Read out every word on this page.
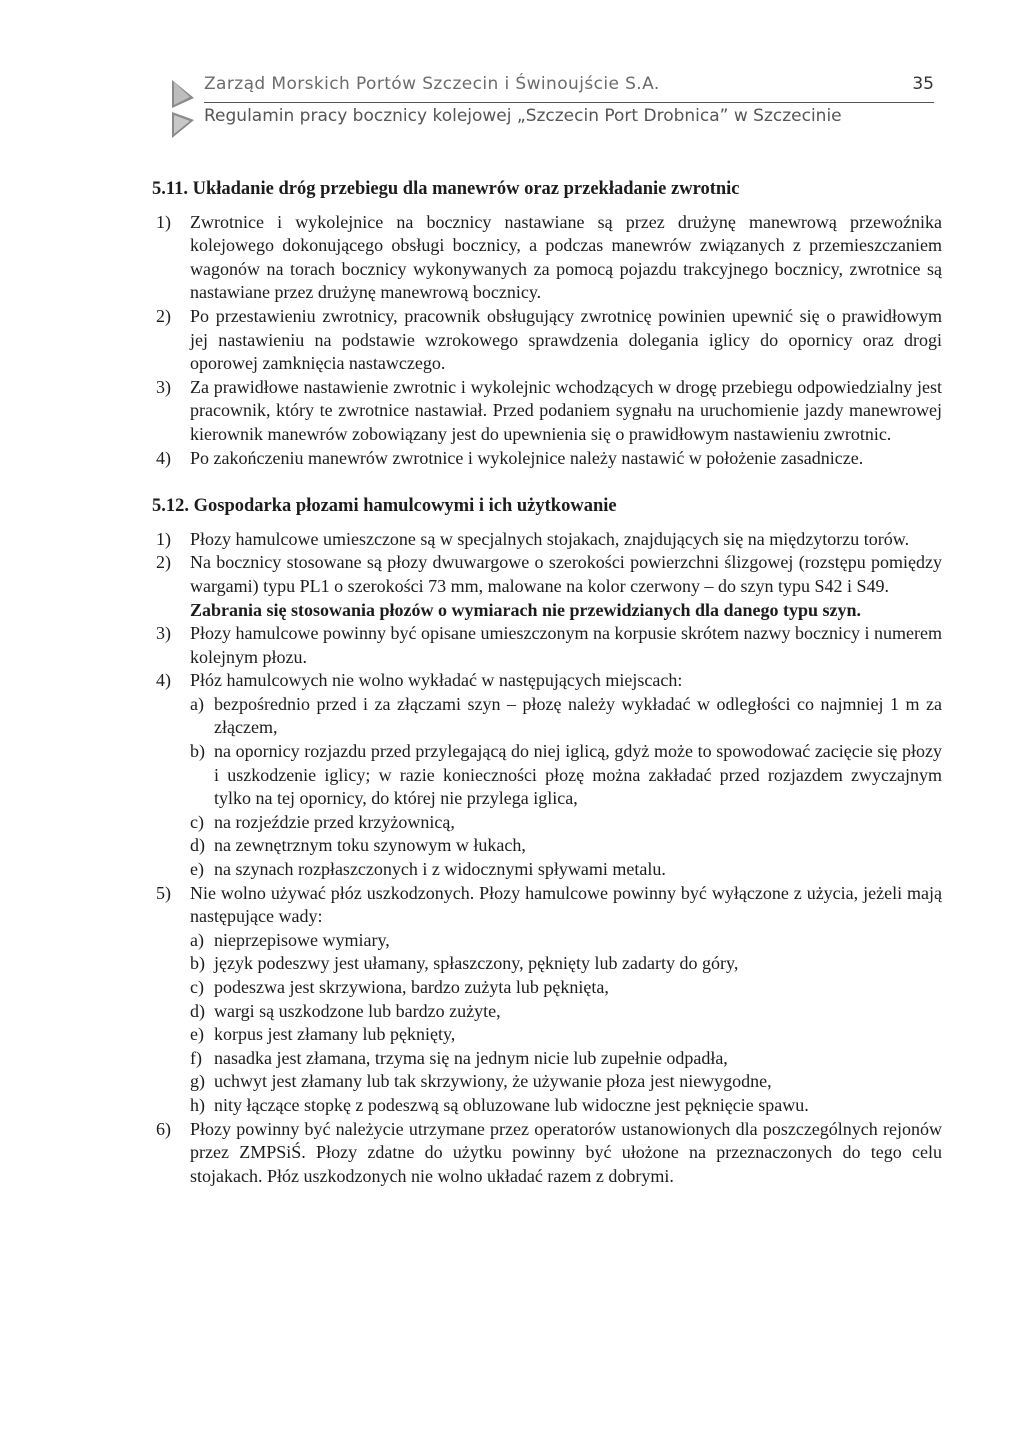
Zarząd Morskich Portów Szczecin i Świnoujście S.A.	35
Regulamin pracy bocznicy kolejowej „Szczecin Port Drobnica” w Szczecinie
5.11. Układanie dróg przebiegu dla manewrów oraz przekładanie zwrotnic
1)	Zwrotnice i wykolejnice na bocznicy nastawiane są przez drużynę manewrową przewoźnika kolejowego dokonującego obsługi bocznicy, a podczas manewrów związanych z przemieszczaniem wagonów na torach bocznicy wykonywanych za pomocą pojazdu trakcyjnego bocznicy, zwrotnice są nastawiane przez drużynę manewrową bocznicy.
2)	Po przestawieniu zwrotnicy, pracownik obsługujący zwrotnicę powinien upewnić się o prawidłowym jej nastawieniu na podstawie wzrokowego sprawdzenia dolegania iglicy do opornicy oraz drogi oporowej zamknięcia nastawczego.
3)	Za prawidłowe nastawienie zwrotnic i wykolejnic wchodzących w drogę przebiegu odpowiedzialny jest pracownik, który te zwrotnice nastawiał. Przed podaniem sygnału na uruchomienie jazdy manewrowej kierownik manewrów zobowiązany jest do upewnienia się o prawidłowym nastawieniu zwrotnic.
4)	Po zakończeniu manewrów zwrotnice i wykolejnice należy nastawić w położenie zasadnicze.
5.12. Gospodarka płozami hamulcowymi i ich użytkowanie
1)	Płozy hamulcowe umieszczone są w specjalnych stojakach, znajdujących się na międzytorzu torów.
2)	Na bocznicy stosowane są płozy dwuwargowe o szerokości powierzchni ślizgowej (rozstępu pomiędzy wargami) typu PL1 o szerokości 73 mm, malowane na kolor czerwony – do szyn typu S42 i S49.
Zabrania się stosowania płozów o wymiarach nie przewidzianych dla danego typu szyn.
3)	Płozy hamulcowe powinny być opisane umieszczonym na korpusie skrótem nazwy bocznicy i numerem kolejnym płozu.
4)	Płóz hamulcowych nie wolno wykładać w następujących miejscach:
a) bezpośrednio przed i za złączami szyn – płozę należy wykładać w odległości co najmniej 1 m za złączem,
b) na opornicy rozjazdu przed przylegającą do niej iglicą, gdyż może to spowodować zacięcie się płozy i uszkodzenie iglicy; w razie konieczności płozę można zakładać przed rozjazdem zwyczajnym tylko na tej opornicy, do której nie przylega iglica,
c) na rozjeździe przed krzyżownicą,
d) na zewnętrznym toku szynowym w łukach,
e) na szynach rozpłaszczonych i z widocznymi spływami metalu.
5)	Nie wolno używać płóz uszkodzonych. Płozy hamulcowe powinny być wyłączone z użycia, jeżeli mają następujące wady:
a) nieprzepisowe wymiary,
b) język podeszwy jest ułamany, spłaszczony, pęknięty lub zadarty do góry,
c) podeszwa jest skrzywiona, bardzo zużyta lub pęknięta,
d) wargi są uszkodzone lub bardzo zużyte,
e) korpus jest złamany lub pęknięty,
f) nasadka jest złamana, trzyma się na jednym nicie lub zupełnie odpadła,
g) uchwyt jest złamany lub tak skrzywiony, że używanie płoza jest niewygodne,
h) nity łączące stopkę z podeszwą są obluzowane lub widoczne jest pęknięcie spawu.
6)	Płozy powinny być należycie utrzymane przez operatorów ustanowionych dla poszczególnych rejonów przez ZMPSiŚ. Płozy zdatne do użytku powinny być ułożone na przeznaczonych do tego celu stojakach. Płóz uszkodzonych nie wolno układać razem z dobrymi.
